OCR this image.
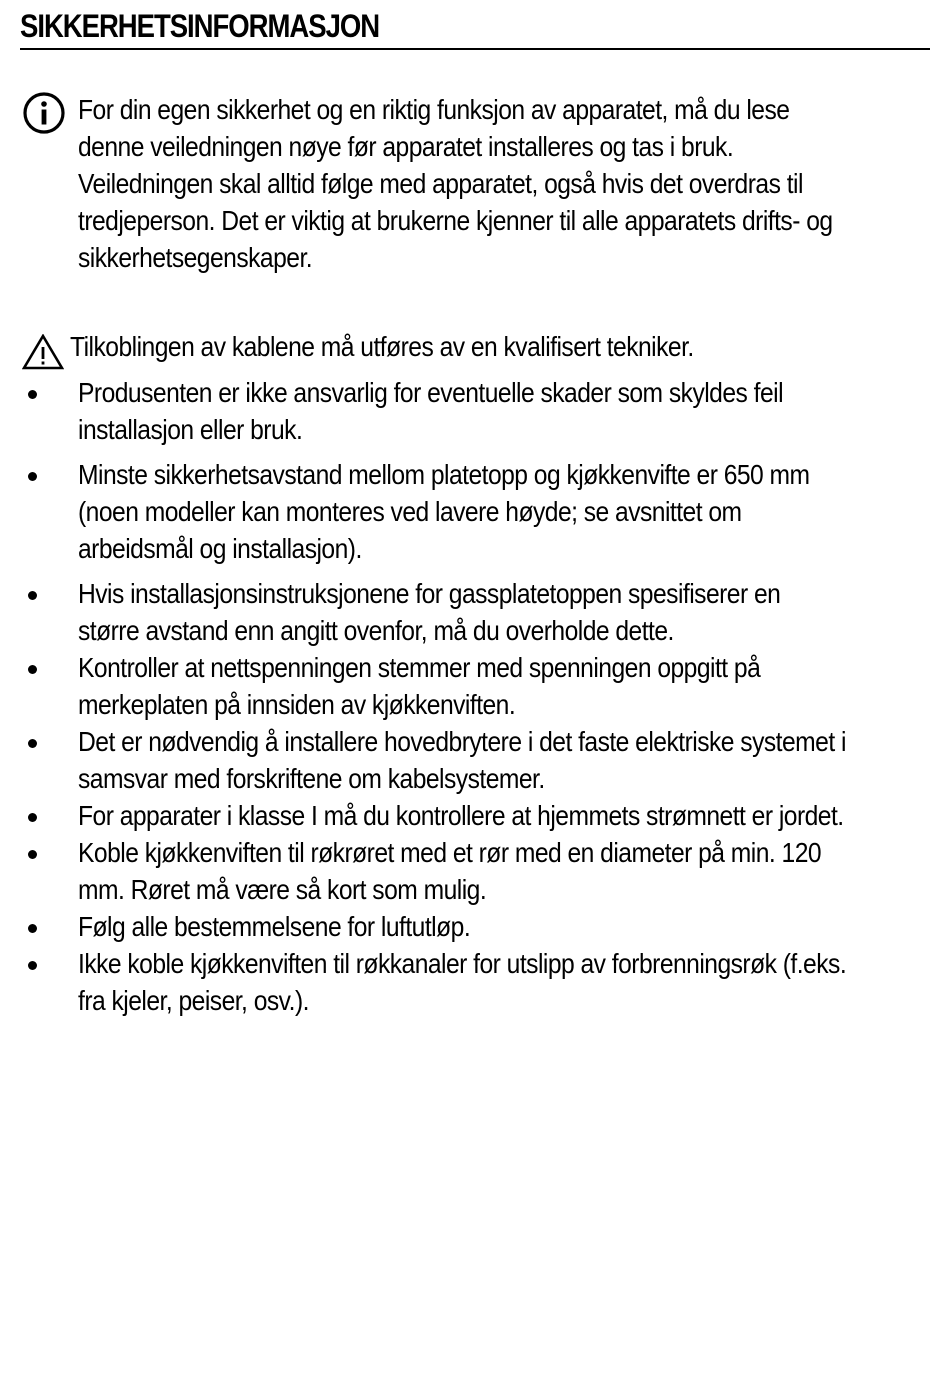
SIKKERHETSINFORMASJON
For din egen sikkerhet og en riktig funksjon av apparatet, må du lese
denne veiledningen nøye før apparatet installeres og tas i bruk.
Veiledningen skal alltid følge med apparatet, også hvis det overdras til
tredjeperson. Det er viktig at brukerne kjenner til alle apparatets drifts- og
sikkerhetsegenskaper.
Tilkoblingen av kablene må utføres av en kvalifisert tekniker.
Produsenten er ikke ansvarlig for eventuelle skader som skyldes feil
installasjon eller bruk.
Minste sikkerhetsavstand mellom platetopp og kjøkkenvifte er 650 mm
(noen modeller kan monteres ved lavere høyde; se avsnittet om
arbeidsmål og installasjon).
Hvis installasjonsinstruksjonene for gassplatetoppen spesifiserer en
større avstand enn angitt ovenfor, må du overholde dette.
Kontroller at nettspenningen stemmer med spenningen oppgitt på
merkeplaten på innsiden av kjøkkenviften.
Det er nødvendig å installere hovedbrytere i det faste elektriske systemet i
samsvar med forskriftene om kabelsystemer.
For apparater i klasse I må du kontrollere at hjemmets strømnett er jordet.
Koble kjøkkenviften til røkrøret med et rør med en diameter på min. 120
mm. Røret må være så kort som mulig.
Følg alle bestemmelsene for luftutløp.
Ikke koble kjøkkenviften til røkkanaler for utslipp av forbrenningsrøk (f.eks.
fra kjeler, peiser, osv.).
